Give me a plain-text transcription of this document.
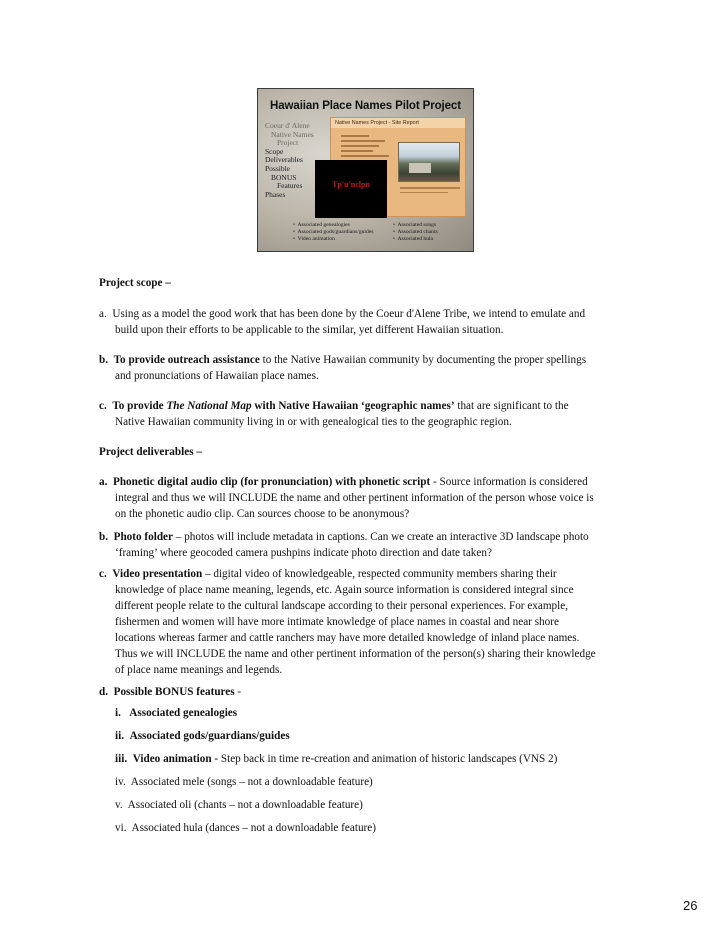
Hawaiian Place Names Pilot Project
Coeur d' Alene
Native Names
Project
Scope
Deliverables
Possible
BONUS
Features
Phases
Native Names Project - Site Report
Tp'u'nclpn
•  Associated genealogies
•  Associated gods/guardians/guides
•  Video animation
•  Associated songs
•  Associated chants
•  Associated hula
Project scope –
a. Using as a model the good work that has been done by the Coeur d'Alene Tribe, we intend to emulate and
build upon their efforts to be applicable to the similar, yet different Hawaiian situation.
b. To provide outreach assistance to the Native Hawaiian community by documenting the proper spellings
and pronunciations of Hawaiian place names.
c. To provide The National Map with Native Hawaiian ‘geographic names’ that are significant to the
Native Hawaiian community living in or with genealogical ties to the geographic region.
Project deliverables –
a. Phonetic digital audio clip (for pronunciation) with phonetic script - Source information is considered
integral and thus we will INCLUDE the name and other pertinent information of the person whose voice is
on the phonetic audio clip. Can sources choose to be anonymous?
b. Photo folder – photos will include metadata in captions. Can we create an interactive 3D landscape photo
‘framing’ where geocoded camera pushpins indicate photo direction and date taken?
c. Video presentation – digital video of knowledgeable, respected community members sharing their
knowledge of place name meaning, legends, etc. Again source information is considered integral since
different people relate to the cultural landscape according to their personal experiences. For example,
fishermen and women will have more intimate knowledge of place names in coastal and near shore
locations whereas farmer and cattle ranchers may have more detailed knowledge of inland place names.
Thus we will INCLUDE the name and other pertinent information of the person(s) sharing their knowledge
of place name meanings and legends.
d. Possible BONUS features -
i. Associated genealogies
ii. Associated gods/guardians/guides
iii. Video animation - Step back in time re-creation and animation of historic landscapes (VNS 2)
iv. Associated mele (songs – not a downloadable feature)
v. Associated oli (chants – not a downloadable feature)
vi. Associated hula (dances – not a downloadable feature)
26
